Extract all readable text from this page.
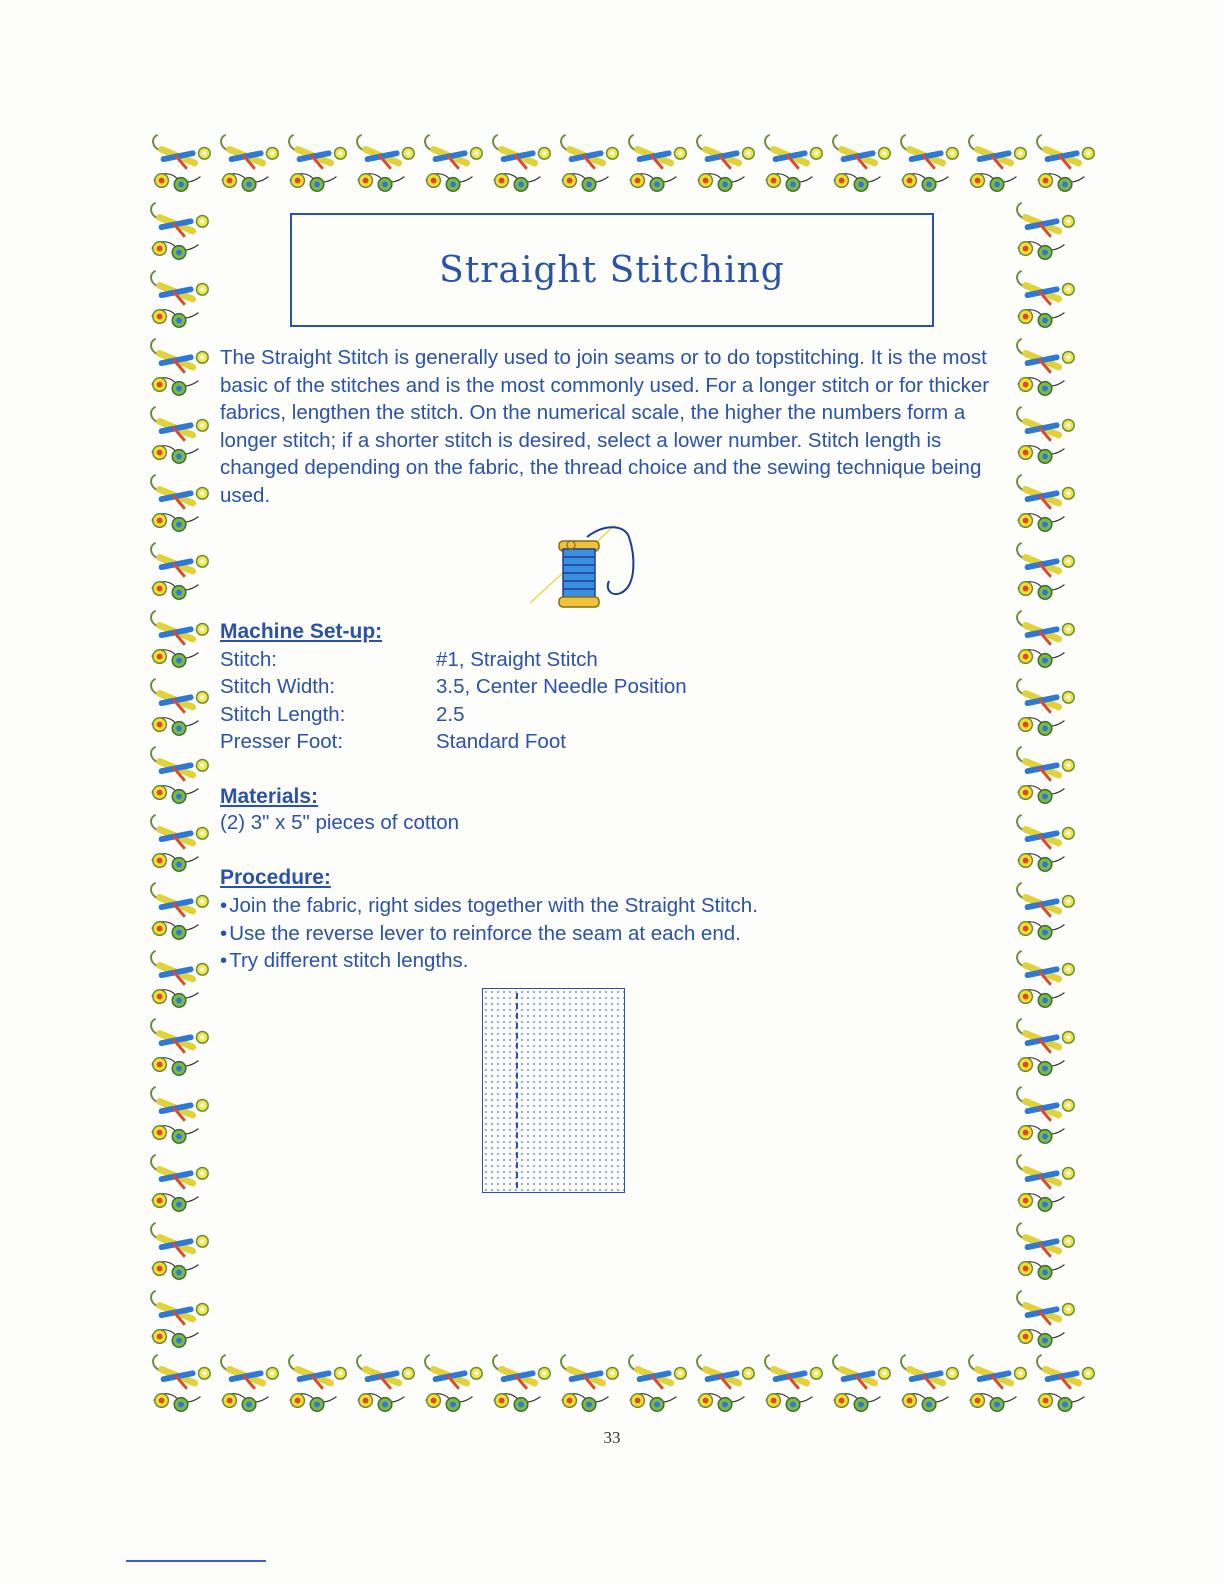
Straight Stitching

The Straight Stitch is generally used to join seams or to do topstitching. It is the most basic of the stitches and is the most commonly used. For a longer stitch or for thicker fabrics, lengthen the stitch. On the numerical scale, the higher the numbers form a longer stitch; if a shorter stitch is desired, select a lower number. Stitch length is changed depending on the fabric, the thread choice and the sewing technique being used.

Machine Set-up:
Stitch:	#1, Straight Stitch
Stitch Width:	3.5, Center Needle Position
Stitch Length:	2.5
Presser Foot:	Standard Foot
Materials:

(2) 3" x 5" pieces of cotton

Procedure:
• Join the fabric, right sides together with the Straight Stitch.
• Use the reverse lever to reinforce the seam at each end.
• Try different stitch lengths.
33
